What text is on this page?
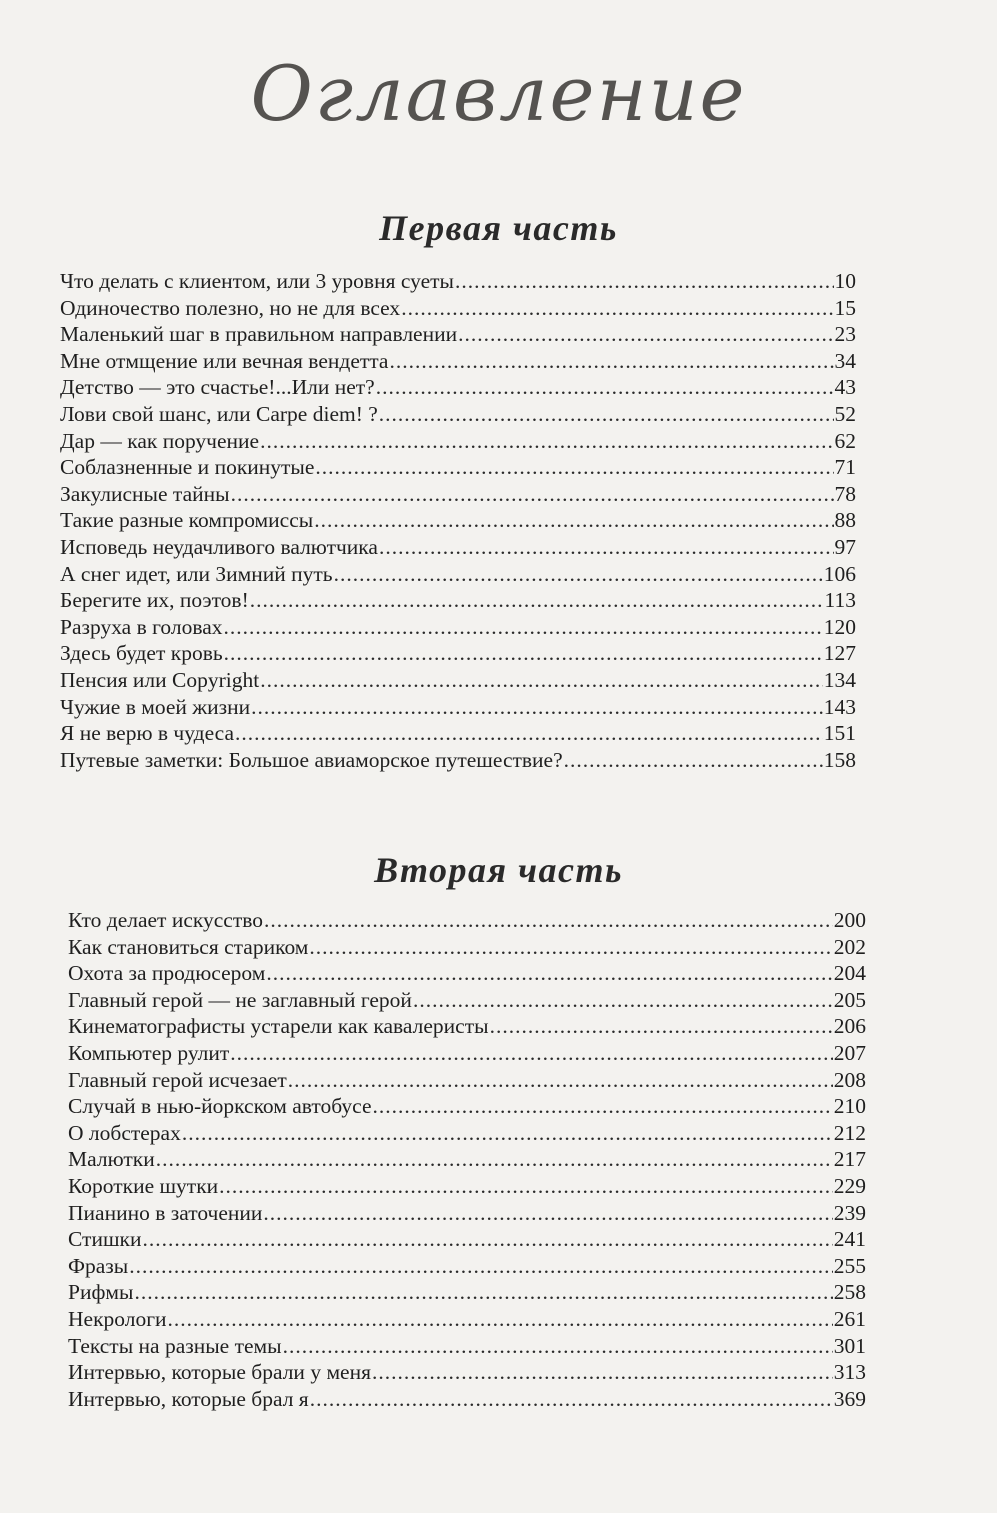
Оглавление
Первая часть
Что делать с клиентом, или 3 уровня суеты .....	10
Одиночество полезно, но не для всех .....	15
Маленький шаг в правильном направлении .....	23
Мне отмщение или вечная вендетта .....	34
Детство — это счастье!...Или нет? .....	43
Лови свой шанс, или Carpe diem! ? .....	52
Дар — как поручение .....	62
Соблазненные и покинутые .....	71
Закулисные тайны .....	78
Такие разные компромиссы .....	88
Исповедь неудачливого валютчика .....	97
А снег идет, или Зимний путь .....	106
Берегите их, поэтов! .....	113
Разруха в головах .....	120
Здесь будет кровь .....	127
Пенсия или Copyright .....	134
Чужие в моей жизни .....	143
Я не верю в чудеса .....	151
Путевые заметки: Большое авиаморское путешествие? .....	158
Вторая часть
Кто делает искусство .....	200
Как становиться стариком .....	202
Охота за продюсером .....	204
Главный герой — не заглавный герой .....	205
Кинематографисты устарели как кавалеристы .....	206
Компьютер рулит .....	207
Главный герой исчезает .....	208
Случай в нью-йоркском автобусе .....	210
О лобстерах .....	212
Малютки .....	217
Короткие шутки .....	229
Пианино в заточении .....	239
Стишки .....	241
Фразы .....	255
Рифмы .....	258
Некрологи .....	261
Тексты на разные темы .....	301
Интервью, которые брали у меня .....	313
Интервью, которые брал я .....	369
